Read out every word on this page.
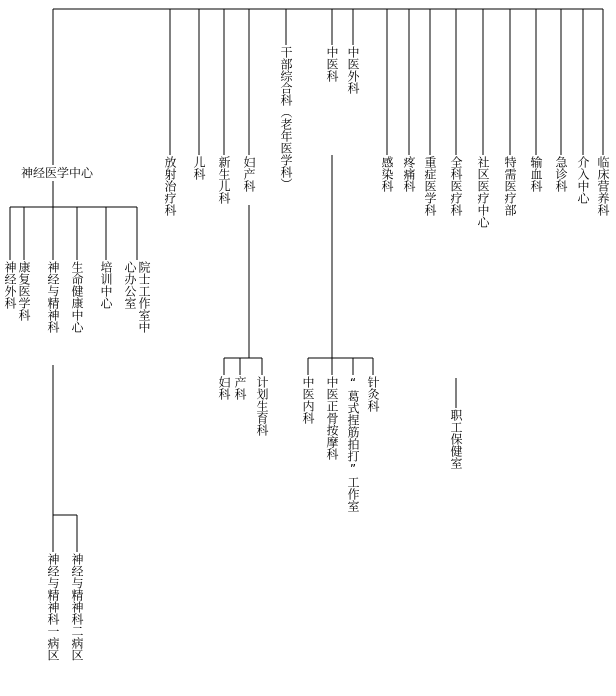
神经医学中心
神经外科 康复医学科 神经与精神科 生命健康中心 培训中心	院士工作室中心办公室
神经与精神科一病区 神经与精神科二病区
放射治疗科 儿科 新生儿科 妇产科 干部综合科（老年医学科）	中医科 中医外科
感染科 疼痛科 重症医学科 全科医疗科 社区医疗中心 特需医疗部 输血科 急诊科 介入中心 临床营养科
妇科 产科 计划生育科	中医内科 中医正骨按摩科 “葛式捏筋拍打”工作室 针灸科
职工保健室
